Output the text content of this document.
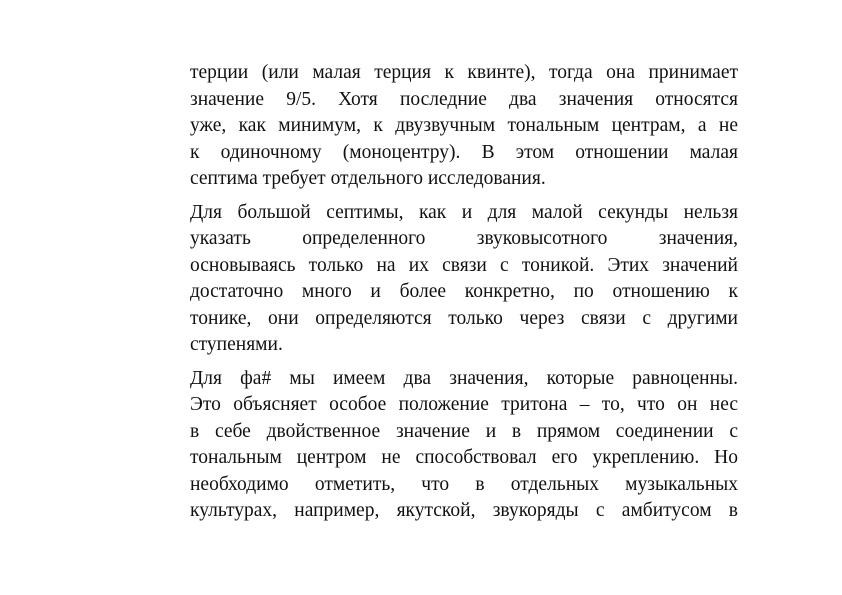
терции (или малая терция к квинте), тогда она принимает
значение 9/5. Хотя последние два значения относятся
уже, как минимум, к двузвучным тональным центрам, а не
к одиночному (моноцентру). В этом отношении малая
септима требует отдельного исследования.

Для большой септимы, как и для малой секунды нельзя
указать определенного звуковысотного значения,
основываясь только на их связи с тоникой. Этих значений
достаточно много и более конкретно, по отношению к
тонике, они определяются только через связи с другими
ступенями.

Для фа# мы имеем два значения, которые равноценны.
Это объясняет особое положение тритона – то, что он нес
в себе двойственное значение и в прямом соединении с
тональным центром не способствовал его укреплению. Но
необходимо отметить, что в отдельных музыкальных
культурах, например, якутской, звукоряды с амбитусом в
